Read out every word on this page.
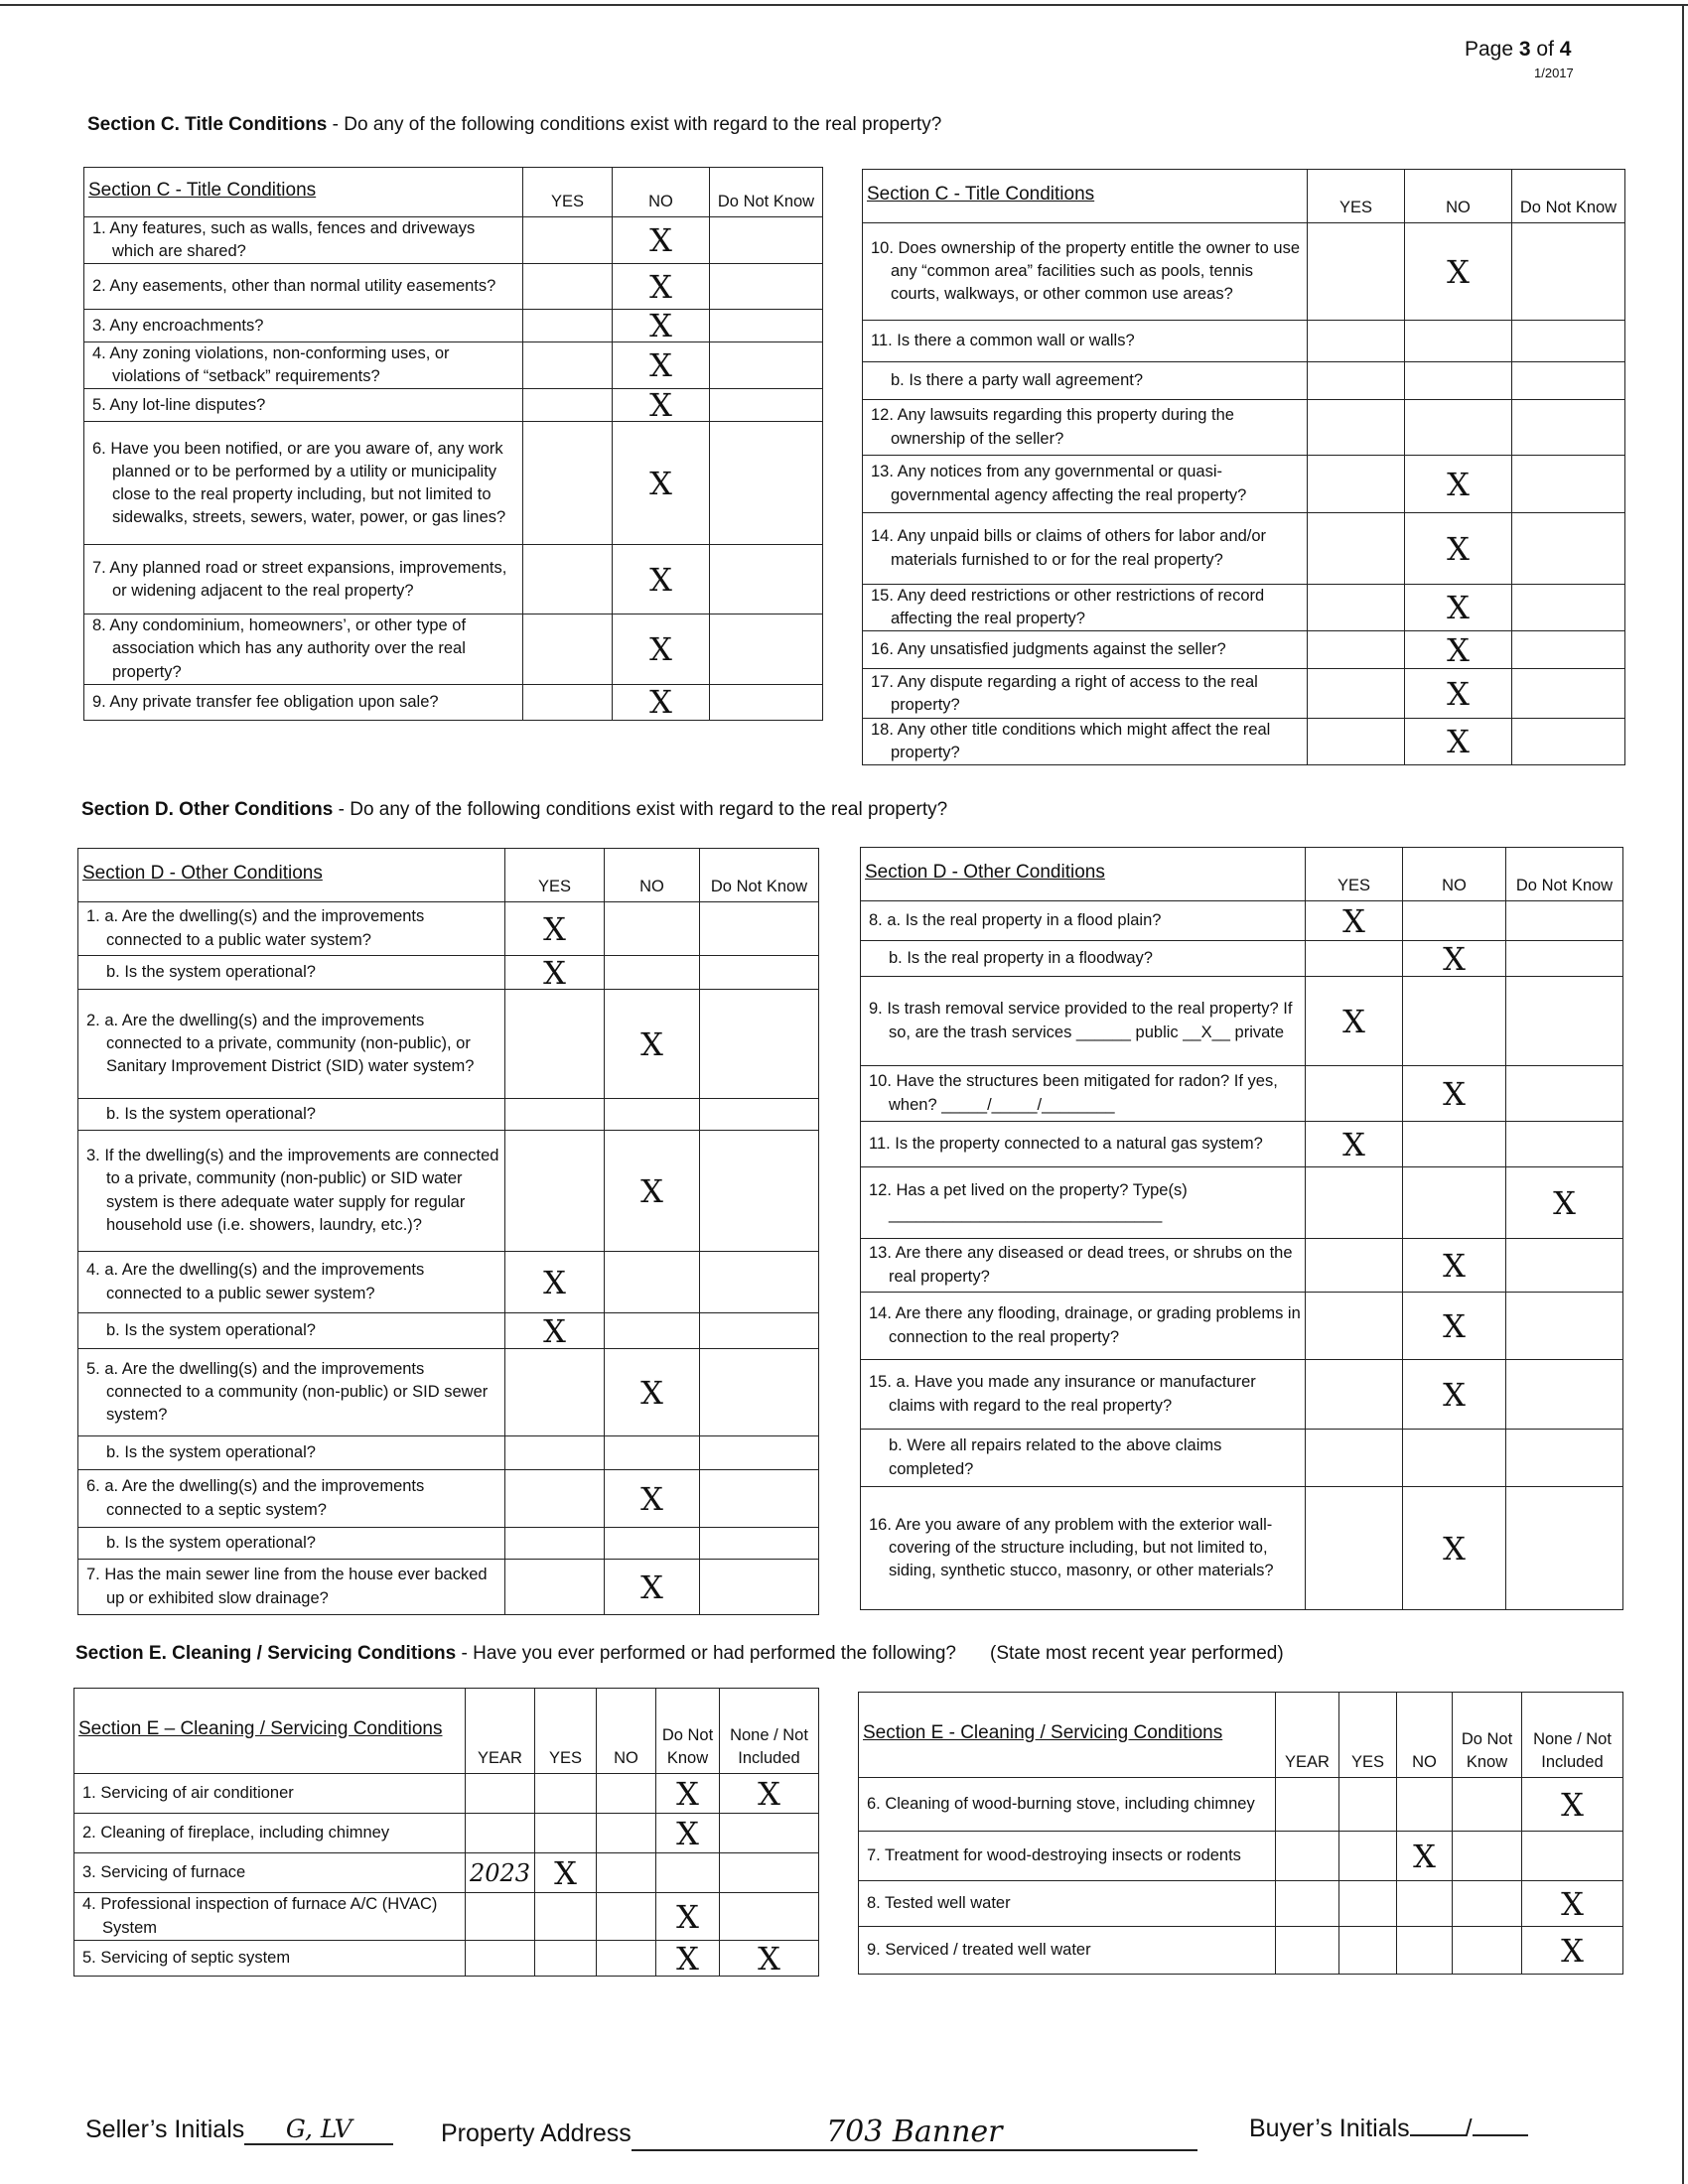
Page 3 of 4
1/2017
Section C. Title Conditions - Do any of the following conditions exist with regard to the real property?
Section C - Title Conditions	YES	NO	Do Not Know

1. Any features, such as walls, fences and driveways which are shared?		X	

2. Any easements, other than normal utility easements?		X	

3. Any encroachments?		X	

4. Any zoning violations, non-conforming uses, or violations of “setback” requirements?		X	

5. Any lot-line disputes?		X	

6. Have you been notified, or are you aware of, any work planned or to be performed by a utility or municipality close to the real property including, but not limited to sidewalks, streets, sewers, water, power, or gas lines?		X	

7. Any planned road or street expansions, improvements, or widening adjacent to the real property?		X	

8. Any condominium, homeowners’, or other type of association which has any authority over the real property?		X	

9. Any private transfer fee obligation upon sale?		X	
Section C - Title Conditions	YES	NO	Do Not Know

10. Does ownership of the property entitle the owner to use any “common area” facilities such as pools, tennis courts, walkways, or other common use areas?		X	

11. Is there a common wall or walls?			

b. Is there a party wall agreement?			

12. Any lawsuits regarding this property during the ownership of the seller?			

13. Any notices from any governmental or quasi-governmental agency affecting the real property?		X	

14. Any unpaid bills or claims of others for labor and/or materials furnished to or for the real property?		X	

15. Any deed restrictions or other restrictions of record affecting the real property?		X	

16. Any unsatisfied judgments against the seller?		X	

17. Any dispute regarding a right of access to the real property?		X	

18. Any other title conditions which might affect the real property?		X	
Section D. Other Conditions - Do any of the following conditions exist with regard to the real property?
Section D - Other Conditions	YES	NO	Do Not Know

1. a. Are the dwelling(s) and the improvements connected to a public water system?	X		

b. Is the system operational?	X		

2. a. Are the dwelling(s) and the improvements connected to a private, community (non-public), or Sanitary Improvement District (SID) water system?		X	

b. Is the system operational?			

3. If the dwelling(s) and the improvements are connected to a private, community (non-public) or SID water system is there adequate water supply for regular household use (i.e. showers, laundry, etc.)?		X	

4. a. Are the dwelling(s) and the improvements connected to a public sewer system?	X		

b. Is the system operational?	X		

5. a. Are the dwelling(s) and the improvements connected to a community (non-public) or SID sewer system?		X	

b. Is the system operational?			

6. a. Are the dwelling(s) and the improvements connected to a septic system?		X	

b. Is the system operational?			

7. Has the main sewer line from the house ever backed up or exhibited slow drainage?		X	
Section D - Other Conditions	YES	NO	Do Not Know

8. a. Is the real property in a flood plain?	X		

b. Is the real property in a floodway?		X	

9. Is trash removal service provided to the real property? If so, are the trash services ______ public __X__ private	X		

10. Have the structures been mitigated for radon? If yes, when? _____/_____/________		X	

11. Is the property connected to a natural gas system?	X		

12. Has a pet lived on the property? Type(s) ______________________________			X

13. Are there any diseased or dead trees, or shrubs on the real property?		X	

14. Are there any flooding, drainage, or grading problems in connection to the real property?		X	

15. a. Have you made any insurance or manufacturer claims with regard to the real property?		X	

b. Were all repairs related to the above claims completed?			

16. Are you aware of any problem with the exterior wall-covering of the structure including, but not limited to, siding, synthetic stucco, masonry, or other materials?		X	
Section E. Cleaning / Servicing Conditions - Have you ever performed or had performed the following? (State most recent year performed)
Section E – Cleaning / Servicing Conditions	YEAR	YES	NO	Do Not Know	None / Not Included

1. Servicing of air conditioner				X	X

2. Cleaning of fireplace, including chimney				X	

3. Servicing of furnace	2023	X			

4. Professional inspection of furnace A/C (HVAC) System				X	

5. Servicing of septic system				X	X
Section E - Cleaning / Servicing Conditions	YEAR	YES	NO	Do Not Know	None / Not Included

6. Cleaning of wood-burning stove, including chimney					X

7. Treatment for wood-destroying insects or rodents			X		

8. Tested well water					X

9. Serviced / treated well water					X
Seller’s Initials G, LV	Property Address	703 Banner	Buyer’s Initials /
